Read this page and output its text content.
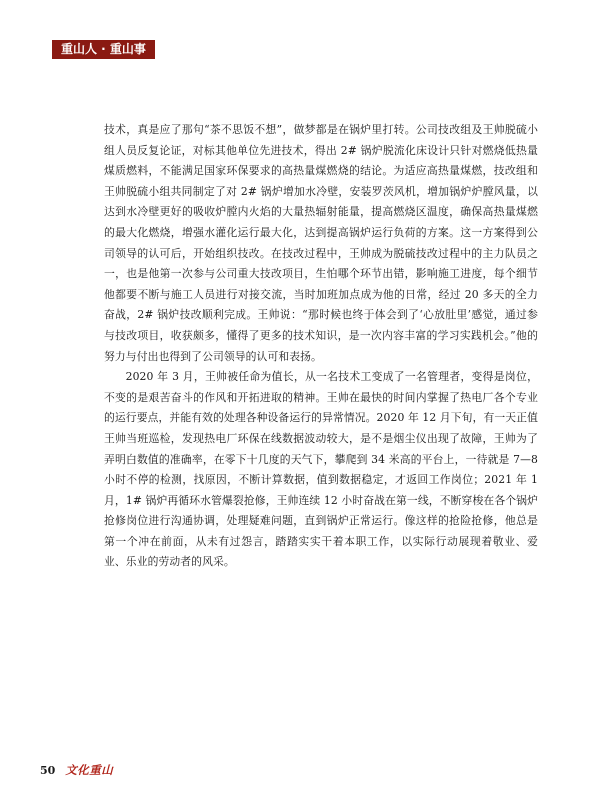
重山人 · 重山事

技术，真是应了那句“茶不思饭不想”，做梦都是在锅炉里打转。公司技改组及王帅脱硫小组人员反复论证，对标其他单位先进技术，得出 2# 锅炉脱流化床设计只针对燃烧低热量煤质燃料，不能满足国家环保要求的高热量煤燃烧的结论。为适应高热量煤燃，技改组和王帅脱硫小组共同制定了对 2# 锅炉增加水冷壁，安装罗茨风机，增加锅炉炉膛风量，以达到水冷壁更好的吸收炉膛内火焰的大量热辐射能量，提高燃烧区温度，确保高热量煤燃的最大化燃烧，增强水灌化运行最大化，达到提高锅炉运行负荷的方案。这一方案得到公司领导的认可后，开始组织技改。在技改过程中，王帅成为脱硫技改过程中的主力队员之一，也是他第一次参与公司重大技改项目，生怕哪个环节出错，影响施工进度，每个细节他都要不断与施工人员进行对接交流，当时加班加点成为他的日常，经过 20 多天的全力奋战，2# 锅炉技改顺利完成。王帅说：“那时候也终于体会到了‘心放肚里’感觉，通过参与技改项目，收获颇多，懂得了更多的技术知识，是一次内容丰富的学习实践机会。”他的努力与付出也得到了公司领导的认可和表扬。

2020 年 3 月，王帅被任命为值长，从一名技术工变成了一名管理者，变得是岗位，不变的是艰苦奋斗的作风和开拓进取的精神。王帅在最快的时间内掌握了热电厂各个专业的运行要点，并能有效的处理各种设备运行的异常情况。2020 年 12 月下旬，有一天正值王帅当班巡检，发现热电厂环保在线数据波动较大，是不是烟尘仪出现了故障，王帅为了弄明白数值的准确率，在零下十几度的天气下，攀爬到 34 米高的平台上，一待就是 7—8 小时不停的检测，找原因，不断计算数据，值到数据稳定，才返回工作岗位；2021 年 1 月，1# 锅炉再循环水管爆裂抢修，王帅连续 12 小时奋战在第一线，不断穿梭在各个锅炉抢修岗位进行沟通协调，处理疑难问题，直到锅炉正常运行。像这样的抢险抢修，他总是第一个冲在前面，从未有过怨言，踏踏实实干着本职工作，以实际行动展现着敬业、爱业、乐业的劳动者的风采。

50 文化重山
